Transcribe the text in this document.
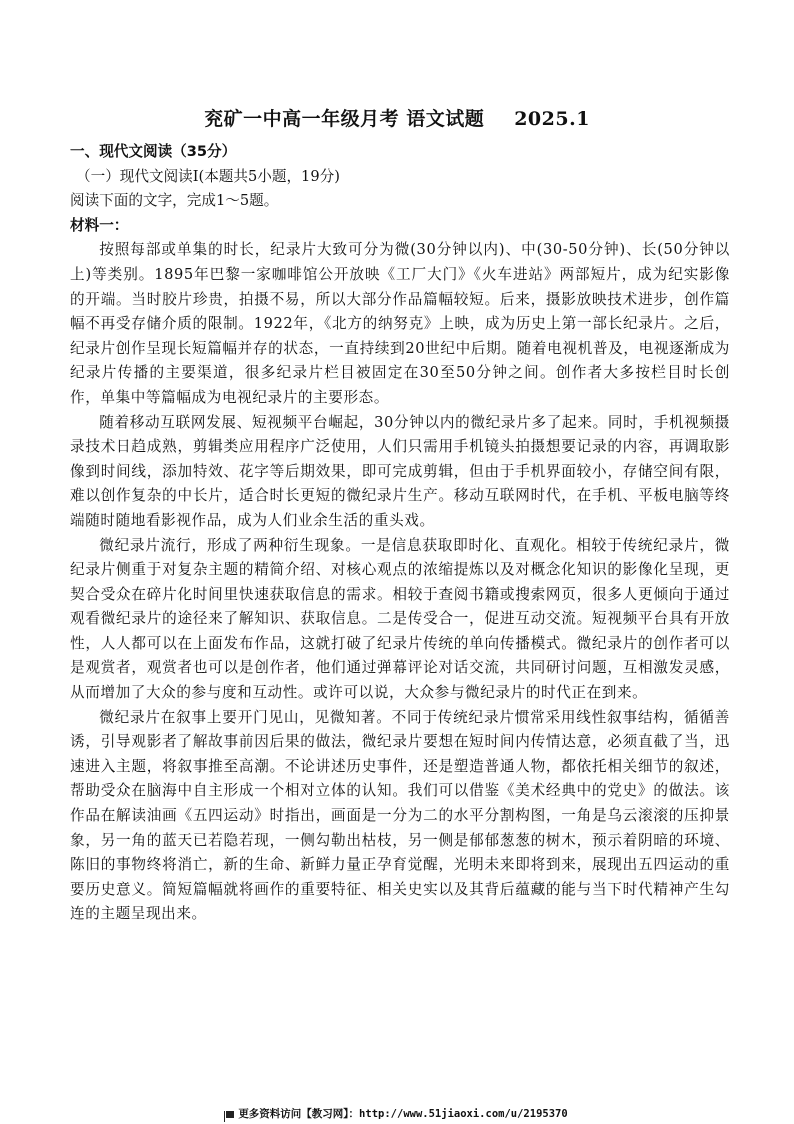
兖矿一中高一年级月考 语文试题 2025.1

一、现代文阅读（35分）

（一）现代文阅读Ⅰ(本题共5小题，19分)

阅读下面的文字，完成1～5题。

材料一：

按照每部或单集的时长，纪录片大致可分为微(30分钟以内)、中(30-50分钟)、长(50分钟以上)等类别。1895年巴黎一家咖啡馆公开放映《工厂大门》《火车进站》两部短片，成为纪实影像的开端。当时胶片珍贵，拍摄不易，所以大部分作品篇幅较短。后来，摄影放映技术进步，创作篇幅不再受存储介质的限制。1922年，《北方的纳努克》上映，成为历史上第一部长纪录片。之后，纪录片创作呈现长短篇幅并存的状态，一直持续到20世纪中后期。随着电视机普及，电视逐渐成为纪录片传播的主要渠道，很多纪录片栏目被固定在30至50分钟之间。创作者大多按栏目时长创作，单集中等篇幅成为电视纪录片的主要形态。

随着移动互联网发展、短视频平台崛起，30分钟以内的微纪录片多了起来。同时，手机视频摄录技术日趋成熟，剪辑类应用程序广泛使用，人们只需用手机镜头拍摄想要记录的内容，再调取影像到时间线，添加特效、花字等后期效果，即可完成剪辑，但由于手机界面较小，存储空间有限，难以创作复杂的中长片，适合时长更短的微纪录片生产。移动互联网时代，在手机、平板电脑等终端随时随地看影视作品，成为人们业余生活的重头戏。

微纪录片流行，形成了两种衍生现象。一是信息获取即时化、直观化。相较于传统纪录片，微纪录片侧重于对复杂主题的精简介绍、对核心观点的浓缩提炼以及对概念化知识的影像化呈现，更契合受众在碎片化时间里快速获取信息的需求。相较于查阅书籍或搜索网页，很多人更倾向于通过观看微纪录片的途径来了解知识、获取信息。二是传受合一，促进互动交流。短视频平台具有开放性，人人都可以在上面发布作品，这就打破了纪录片传统的单向传播模式。微纪录片的创作者可以是观赏者，观赏者也可以是创作者，他们通过弹幕评论对话交流，共同研讨问题，互相激发灵感，从而增加了大众的参与度和互动性。或许可以说，大众参与微纪录片的时代正在到来。

微纪录片在叙事上要开门见山，见微知著。不同于传统纪录片惯常采用线性叙事结构，循循善诱，引导观影者了解故事前因后果的做法，微纪录片要想在短时间内传情达意，必须直截了当，迅速进入主题，将叙事推至高潮。不论讲述历史事件，还是塑造普通人物，都依托相关细节的叙述，帮助受众在脑海中自主形成一个相对立体的认知。我们可以借鉴《美术经典中的党史》的做法。该作品在解读油画《五四运动》时指出，画面是一分为二的水平分割构图，一角是乌云滚滚的压抑景象，另一角的蓝天已若隐若现，一侧勾勒出枯枝，另一侧是郁郁葱葱的树木，预示着阴暗的环境、陈旧的事物终将消亡，新的生命、新鲜力量正孕育觉醒，光明未来即将到来，展现出五四运动的重要历史意义。简短篇幅就将画作的重要特征、相关史实以及其背后蕴藏的能与当下时代精神产生勾连的主题呈现出来。

更多资料访问【教习网】：http://www.51jiaoxi.com/u/2195370
